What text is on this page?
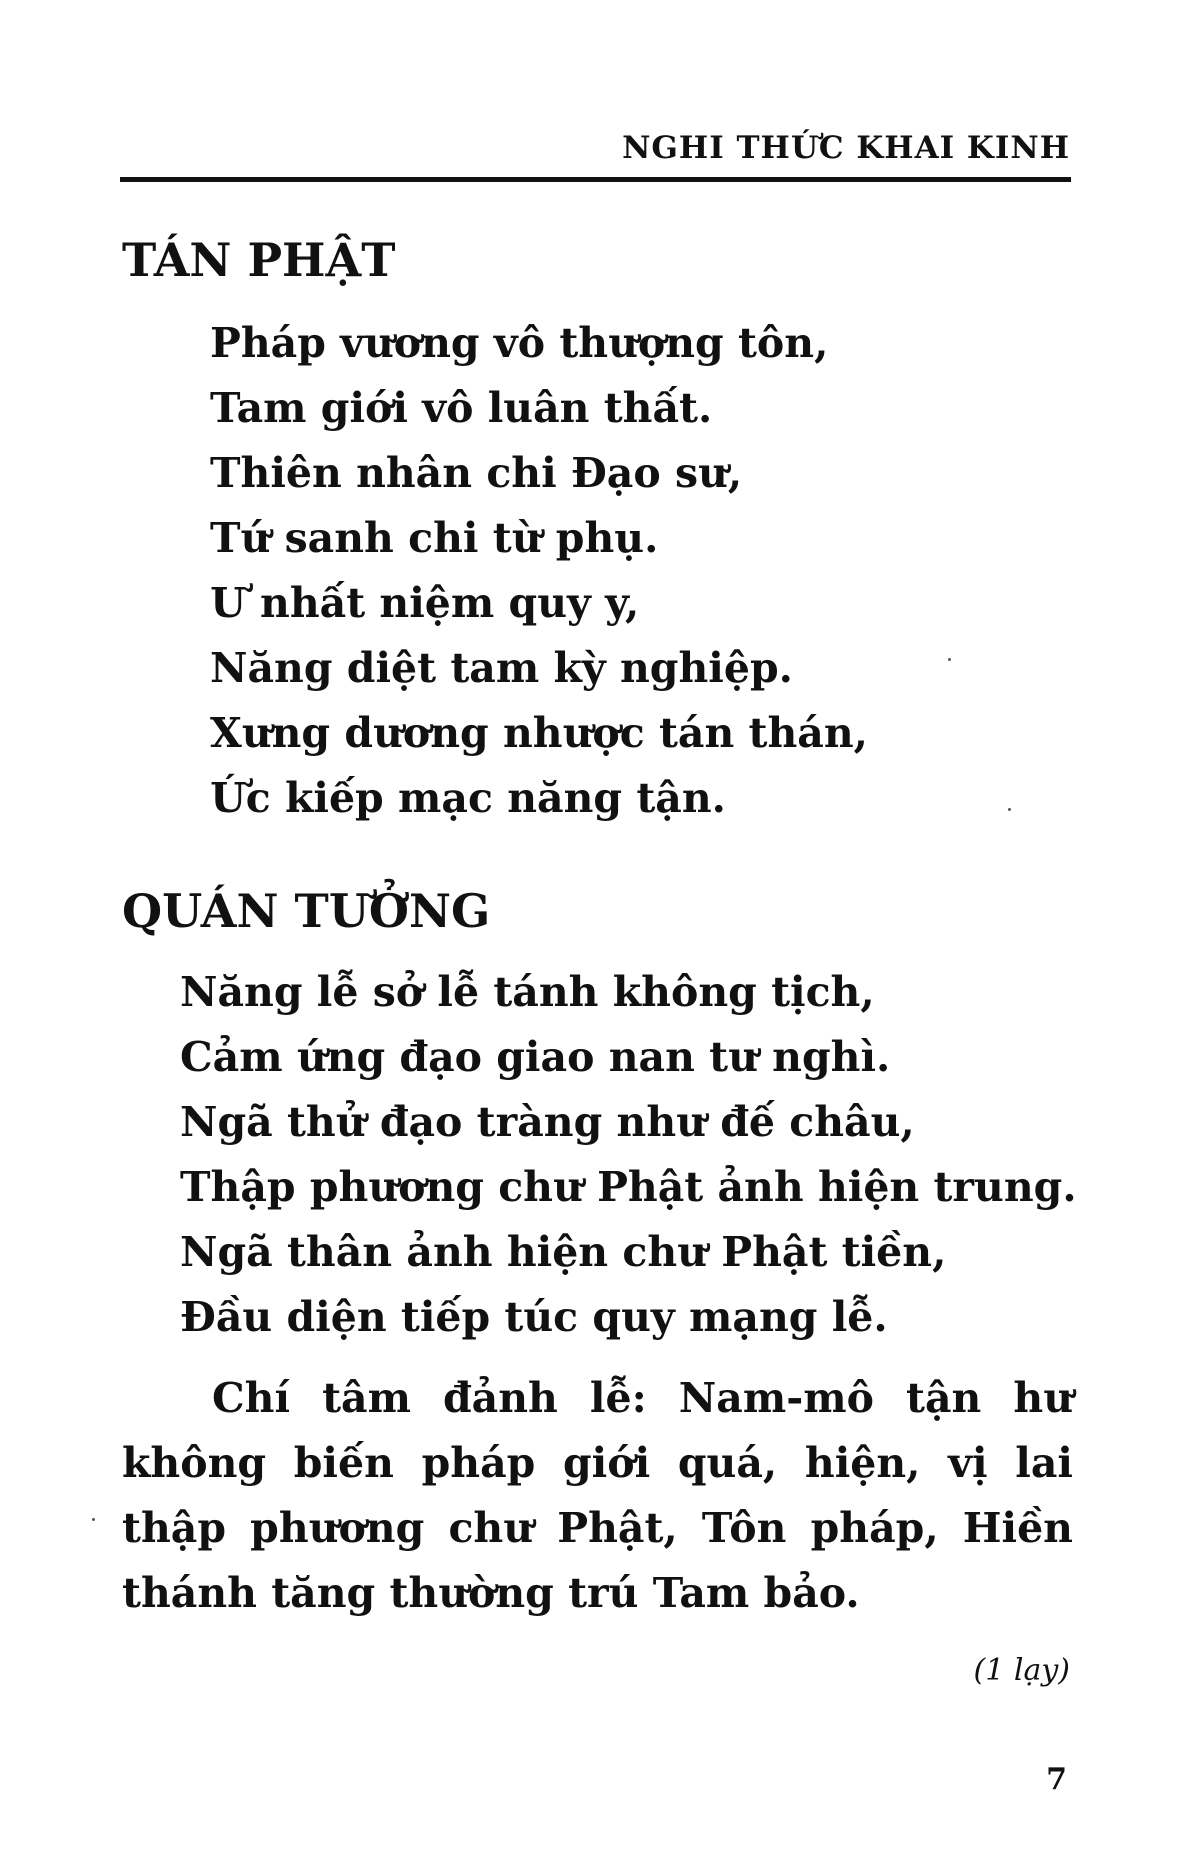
NGHI THỨC KHAI KINH
TÁN PHẬT
Pháp vương vô thượng tôn,
Tam giới vô luân thất.
Thiên nhân chi Đạo sư,
Tứ sanh chi từ phụ.
Ư nhất niệm quy y,
Năng diệt tam kỳ nghiệp.
Xưng dương nhược tán thán,
Ức kiếp mạc năng tận.
QUÁN TƯỞNG
Năng lễ sở lễ tánh không tịch,
Cảm ứng đạo giao nan tư nghì.
Ngã thử đạo tràng như đế châu,
Thập phương chư Phật ảnh hiện trung.
Ngã thân ảnh hiện chư Phật tiền,
Đầu diện tiếp túc quy mạng lễ.

Chí tâm đảnh lễ: Nam-mô tận hư không biến pháp giới quá, hiện, vị lai thập phương chư Phật, Tôn pháp, Hiền thánh tăng thường trú Tam bảo.

(1 lạy)
7
